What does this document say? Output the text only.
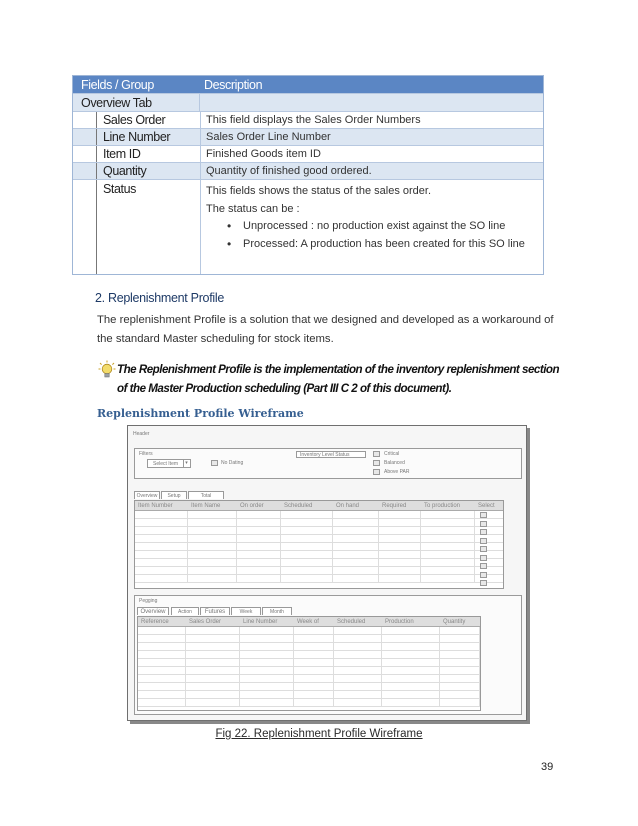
Fields / Group	Description
Overview Tab
Sales Order	This field displays the Sales Order Numbers
Line Number	Sales Order Line Number
Item ID	Finished Goods item ID
Quantity	Quantity of finished good ordered.
Status	This fields shows the status of the sales order.
The status can be :
• Unprocessed : no production exist against the SO line
• Processed: A production has been created for this SO line
2. Replenishment Profile
The replenishment Profile is a solution that we designed and developed as a workaround of the standard Master scheduling for stock items.
The Replenishment Profile is the implementation of the inventory replenishment section of the Master Production scheduling (Part III C 2 of this document).
Replenishment Profile Wireframe
Header
Filters
Select Item	▾	No Dating
Inventory Level Status	Critical
Balanced
Above PAR
Overview	Setup	Total
Item Number	Item Name	On order	Scheduled	On hand	Required	To production	Select
Pegging
Overview	Action	Futures	Week	Month
Reference	Sales Order	Line Number	Week of	Scheduled	Production	Quantity
Fig 22. Replenishment Profile Wireframe
39
